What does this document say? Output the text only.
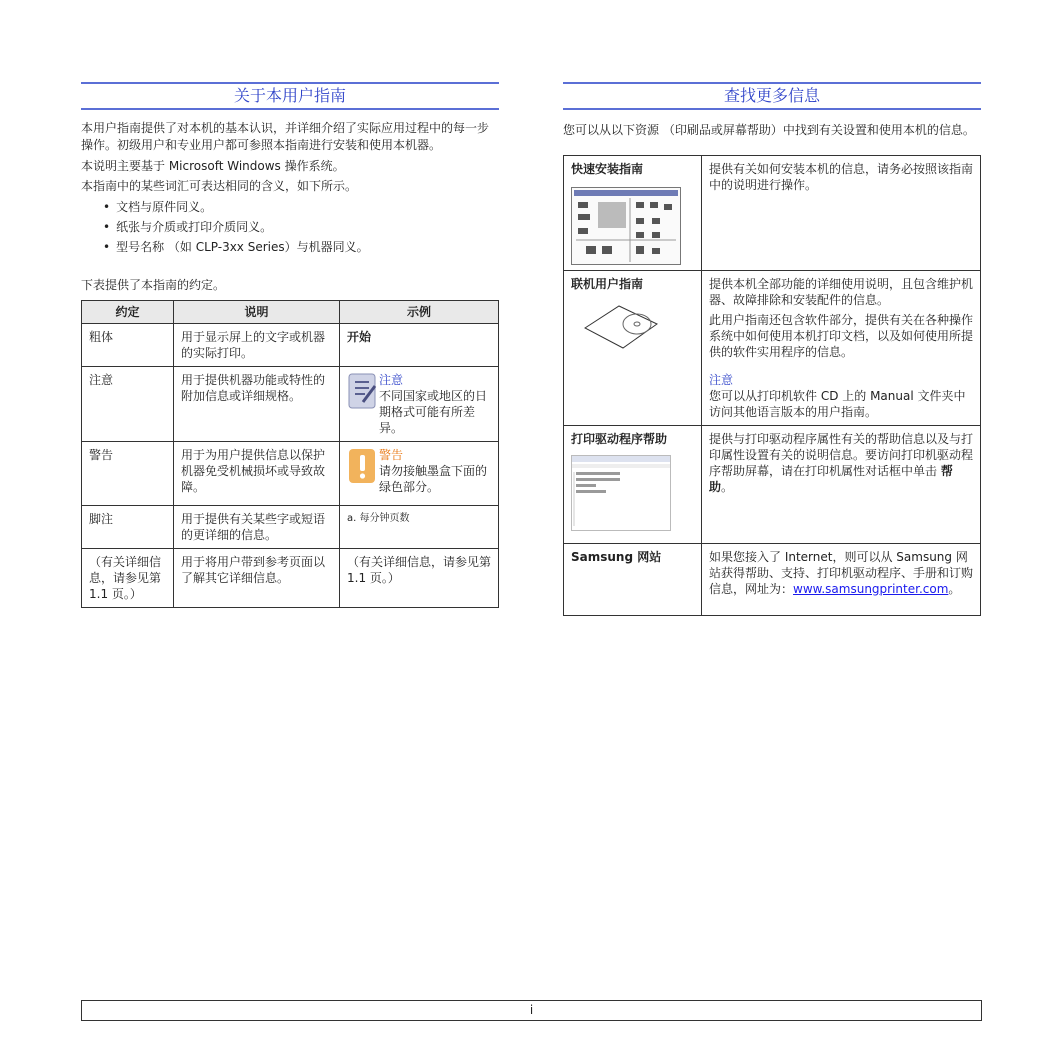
关于本用户指南

本用户指南提供了对本机的基本认识，并详细介绍了实际应用过程中的每一步操作。初级用户和专业用户都可参照本指南进行安装和使用本机器。

本说明主要基于 Microsoft Windows 操作系统。

本指南中的某些词汇可表达相同的含义，如下所示。

• 文档与原件同义。
• 纸张与介质或打印介质同义。
• 型号名称 （如 CLP-3xx Series）与机器同义。

下表提供了本指南的约定。

约定	说明	示例
粗体	用于显示屏上的文字或机器的实际打印。	开始
注意	用于提供机器功能或特性的附加信息或详细规格。	注意
不同国家或地区的日期格式可能有所差异。

警告	用于为用户提供信息以保护机器免受机械损坏或导致故障。	警告
请勿接触墨盒下面的绿色部分。

脚注	用于提供有关某些字或短语的更详细的信息。	a. 每分钟页数
（有关详细信息，请参见第 1.1 页。）	用于将用户带到参考页面以了解其它详细信息。	（有关详细信息，请参见第 1.1 页。）
查找更多信息

您可以从以下资源 （印刷品或屏幕帮助）中找到有关设置和使用本机的信息。

快速安装指南	提供有关如何安装本机的信息，请务必按照该指南中的说明进行操作。

联机用户指南	提供本机全部功能的详细使用说明，且包含维护机器、故障排除和安装配件的信息。
此用户指南还包含软件部分，提供有关在各种操作系统中如何使用本机打印文档，以及如何使用所提供的软件实用程序的信息。
注意
您可以从打印机软件 CD 上的 Manual 文件夹中访问其他语言版本的用户指南。

打印驱动程序帮助	提供与打印驱动程序属性有关的帮助信息以及与打印属性设置有关的说明信息。要访问打印机驱动程序帮助屏幕，请在打印机属性对话框中单击 帮助。
Samsung 网站	如果您接入了 Internet，则可以从 Samsung 网站获得帮助、支持、打印机驱动程序、手册和订购信息，网址为：www.samsungprinter.com。
i
